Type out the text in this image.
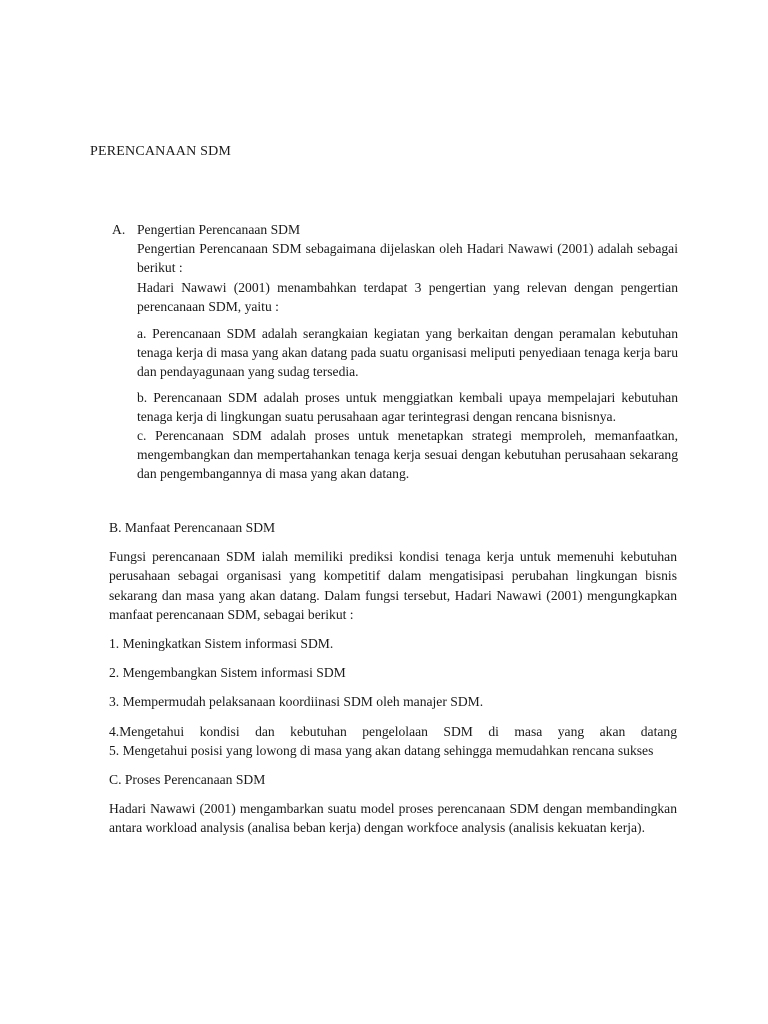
PERENCANAAN SDM
A. Pengertian Perencanaan SDM

Pengertian Perencanaan SDM sebagaimana dijelaskan oleh Hadari Nawawi (2001) adalah sebagai berikut :

Hadari Nawawi (2001) menambahkan terdapat 3 pengertian yang relevan dengan pengertian perencanaan SDM, yaitu :

a. Perencanaan SDM adalah serangkaian kegiatan yang berkaitan dengan peramalan kebutuhan tenaga kerja di masa yang akan datang pada suatu organisasi meliputi penyediaan tenaga kerja baru dan pendayagunaan yang sudag tersedia.

b. Perencanaan SDM adalah proses untuk menggiatkan kembali upaya mempelajari kebutuhan tenaga kerja di lingkungan suatu perusahaan agar terintegrasi dengan rencana bisnisnya.

c. Perencanaan SDM adalah proses untuk menetapkan strategi memproleh, memanfaatkan, mengembangkan dan mempertahankan tenaga kerja sesuai dengan kebutuhan perusahaan sekarang dan pengembangannya di masa yang akan datang.

B. Manfaat Perencanaan SDM

Fungsi perencanaan SDM ialah memiliki prediksi kondisi tenaga kerja untuk memenuhi kebutuhan perusahaan sebagai organisasi yang kompetitif dalam mengatisipasi perubahan lingkungan bisnis sekarang dan masa yang akan datang. Dalam fungsi tersebut, Hadari Nawawi (2001) mengungkapkan manfaat perencanaan SDM, sebagai berikut :

1. Meningkatkan Sistem informasi SDM.

2. Mengembangkan Sistem informasi SDM

3. Mempermudah pelaksanaan koordiinasi SDM oleh manajer SDM.

4.Mengetahui kondisi dan kebutuhan pengelolaan SDM di masa yang akan datang

5. Mengetahui posisi yang lowong di masa yang akan datang sehingga memudahkan rencana sukses

C. Proses Perencanaan SDM

Hadari Nawawi (2001) mengambarkan suatu model proses perencanaan SDM dengan membandingkan antara workload analysis (analisa beban kerja) dengan workfoce analysis (analisis kekuatan kerja).
